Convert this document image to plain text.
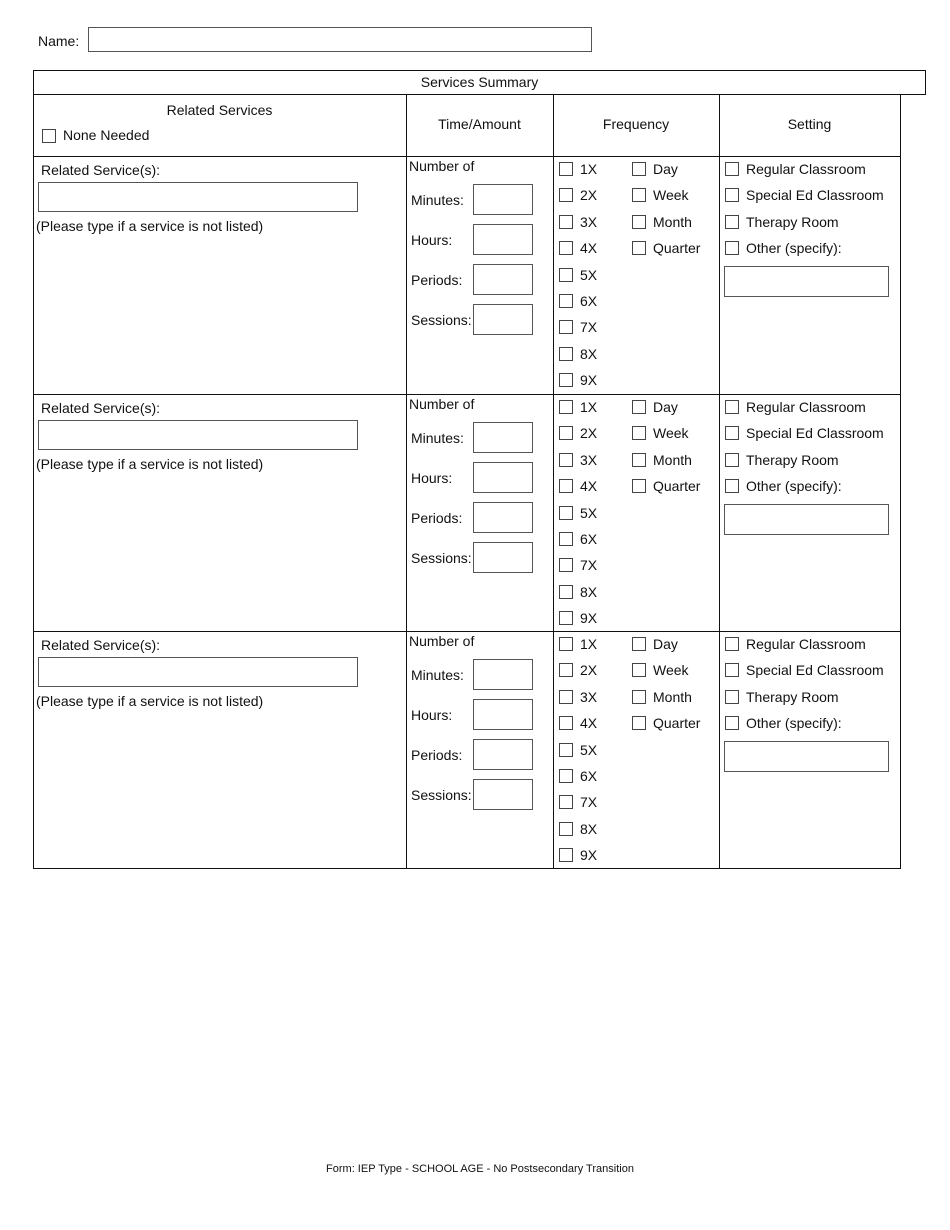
Name:
Services Summary
Related Services
None Needed
Time/Amount	Frequency	Setting
Related Service(s):
(Please type if a service is not listed)
Number of
Minutes:
Hours:
Periods:
Sessions:
1X
2X
3X
4X
5X
6X
7X
8X
9X
Day
Week
Month
Quarter
Regular Classroom
Special Ed Classroom
Therapy Room
Other (specify):
Related Service(s):
(Please type if a service is not listed)
Number of
Minutes:
Hours:
Periods:
Sessions:
1X
2X
3X
4X
5X
6X
7X
8X
9X
Day
Week
Month
Quarter
Regular Classroom
Special Ed Classroom
Therapy Room
Other (specify):
Related Service(s):
(Please type if a service is not listed)
Number of
Minutes:
Hours:
Periods:
Sessions:
1X
2X
3X
4X
5X
6X
7X
8X
9X
Day
Week
Month
Quarter
Regular Classroom
Special Ed Classroom
Therapy Room
Other (specify):
Form: IEP Type - SCHOOL AGE - No Postsecondary Transition
